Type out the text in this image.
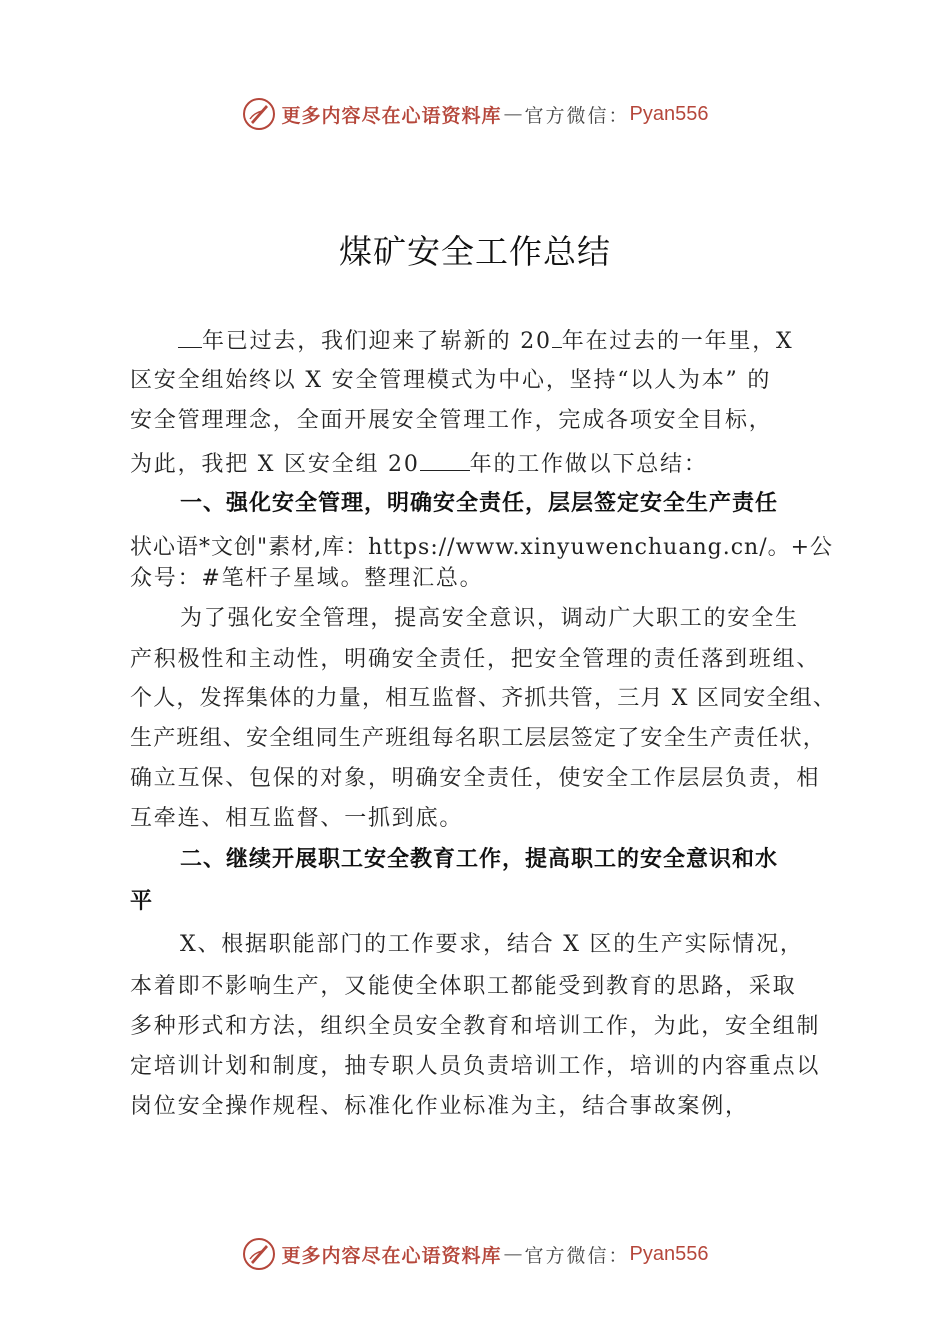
更多内容尽在心语资料库 — 官方微信： Pyan556
煤矿安全工作总结
年已过去，我们迎来了崭新的 20 年在过去的一年里，X
区安全组始终以 X 安全管理模式为中心，坚持“以人为本” 的
安全管理理念，全面开展安全管理工作，完成各项安全目标，
为此，我把 X 区安全组 20 年的工作做以下总结：
一、强化安全管理，明确安全责任，层层签定安全生产责任
状心语*文创"素材,库：https://www.xinyuwenchuang.cn/。+公
众号：#笔杆子星域。整理汇总。
为了强化安全管理，提高安全意识，调动广大职工的安全生
产积极性和主动性，明确安全责任，把安全管理的责任落到班组、
个人，发挥集体的力量，相互监督、齐抓共管，三月 X 区同安全组、
生产班组、安全组同生产班组每名职工层层签定了安全生产责任状，
确立互保、包保的对象，明确安全责任，使安全工作层层负责，相
互牵连、相互监督、一抓到底。
二、继续开展职工安全教育工作，提高职工的安全意识和水
平
X、根据职能部门的工作要求，结合 X 区的生产实际情况，
本着即不影响生产，又能使全体职工都能受到教育的思路，采取
多种形式和方法，组织全员安全教育和培训工作，为此，安全组制
定培训计划和制度，抽专职人员负责培训工作，培训的内容重点以
岗位安全操作规程、标准化作业标准为主，结合事故案例，
更多内容尽在心语资料库 — 官方微信： Pyan556
